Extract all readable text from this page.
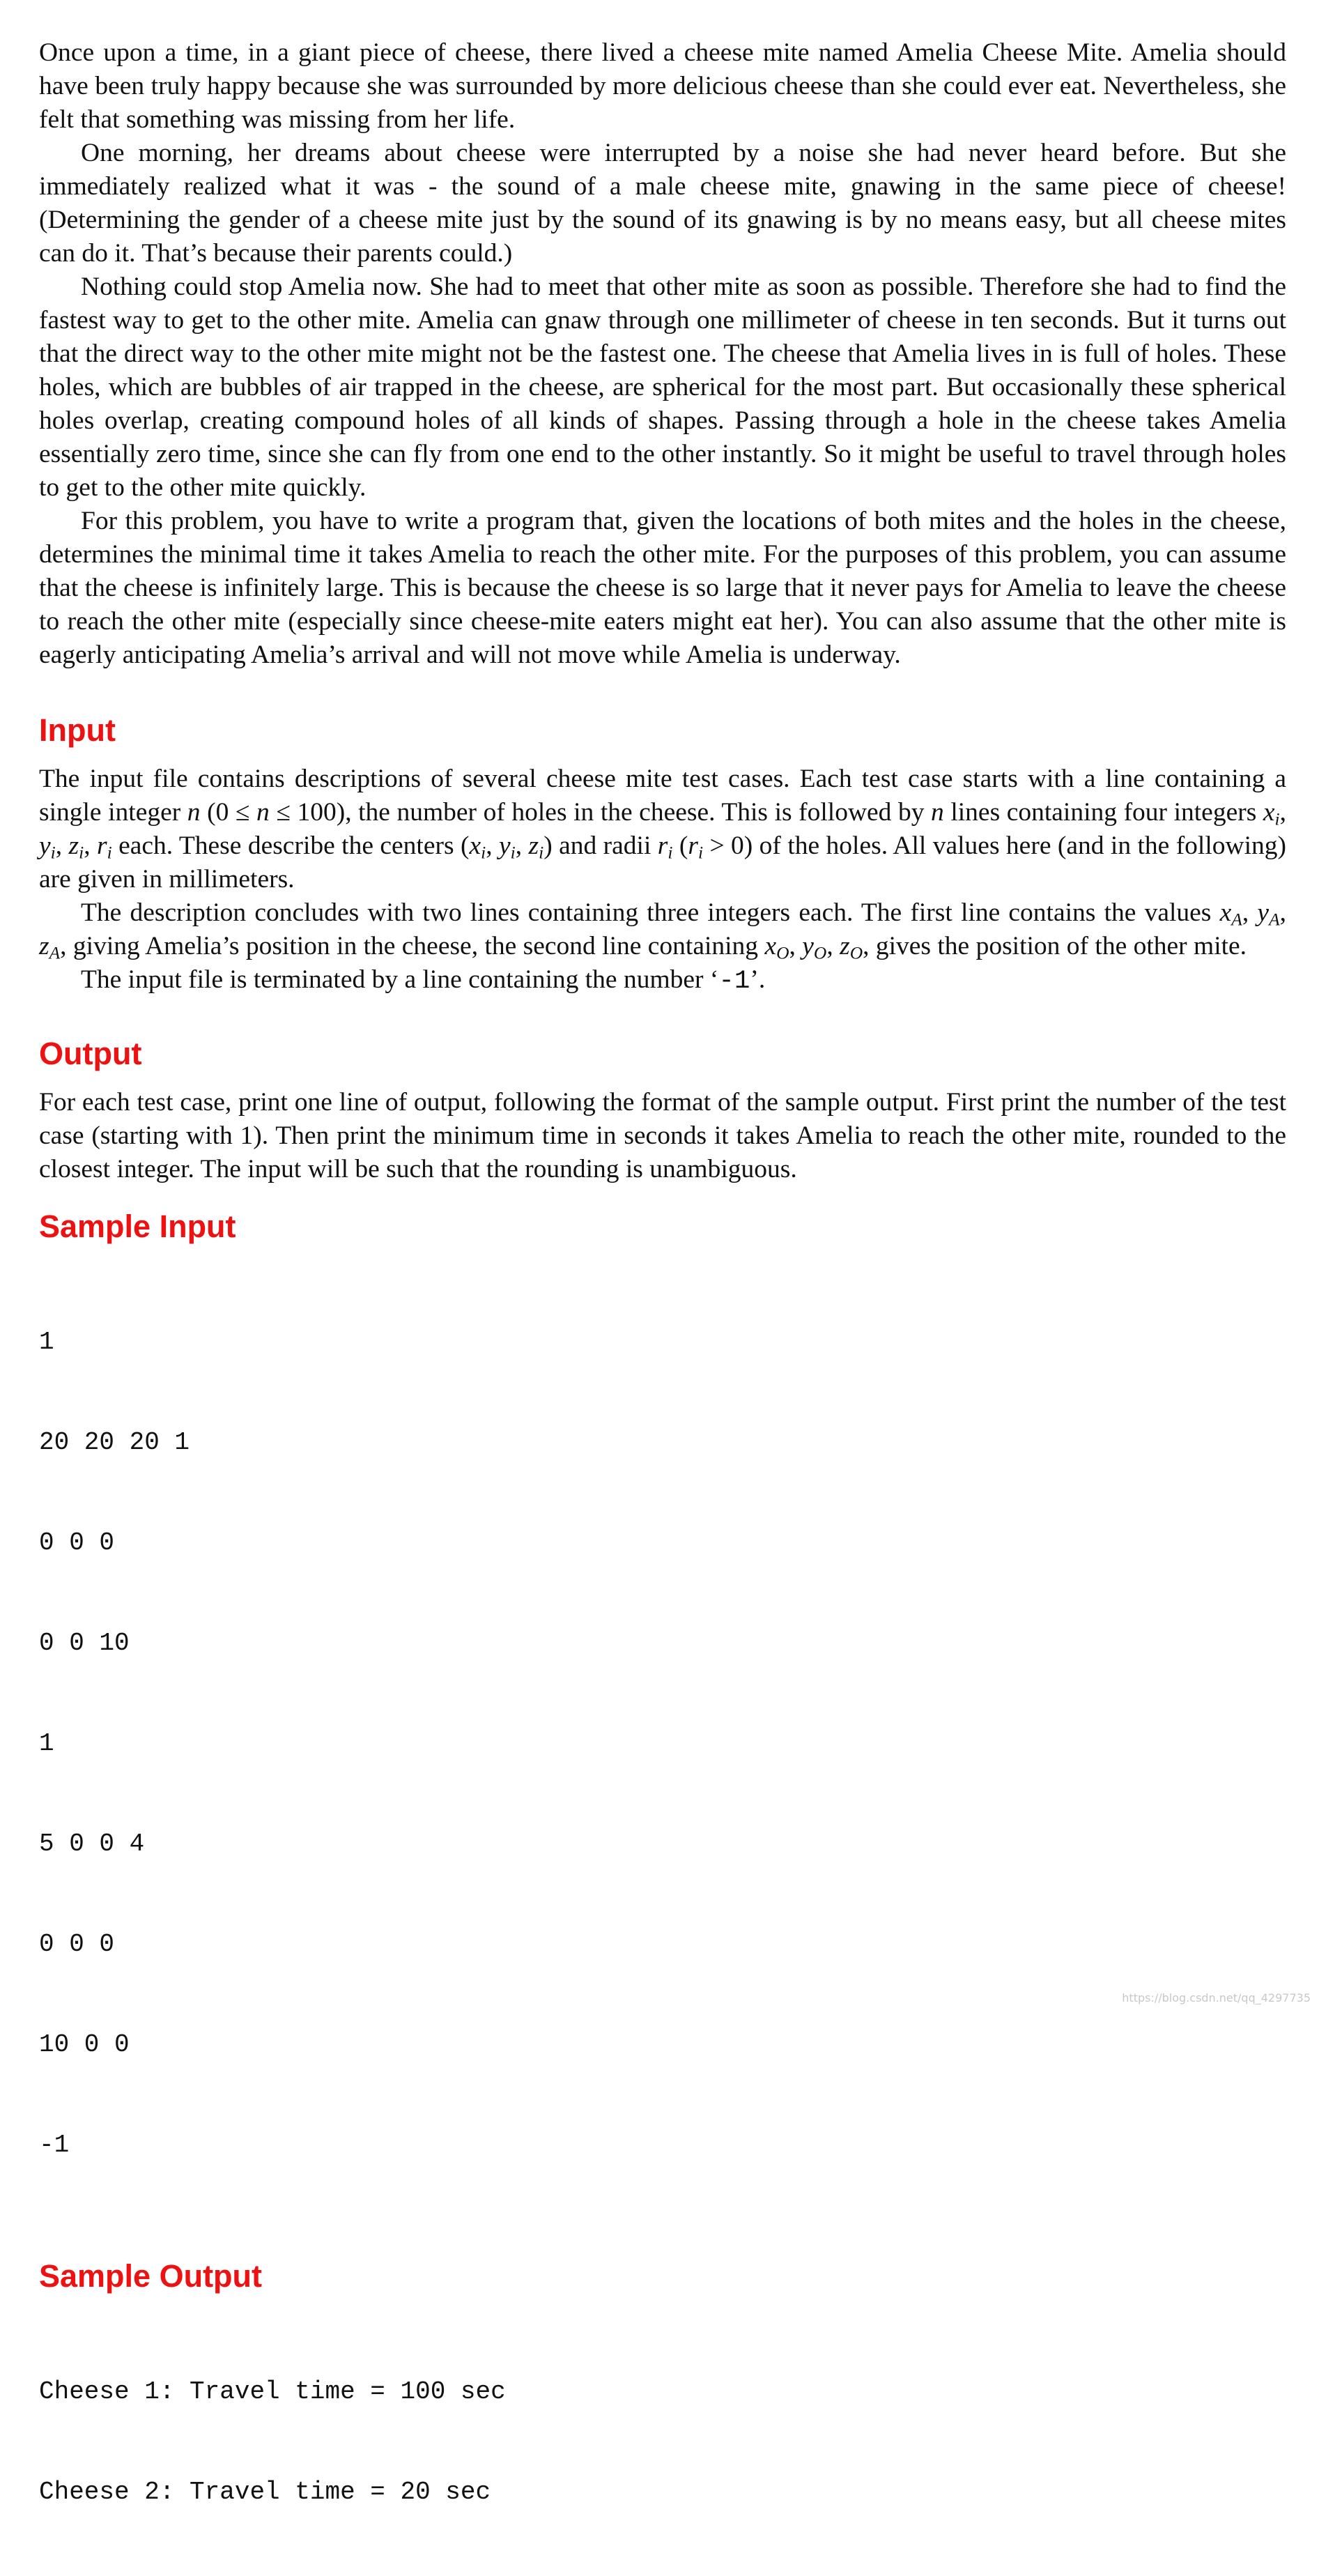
Once upon a time, in a giant piece of cheese, there lived a cheese mite named Amelia Cheese Mite. Amelia should have been truly happy because she was surrounded by more delicious cheese than she could ever eat. Nevertheless, she felt that something was missing from her life.

One morning, her dreams about cheese were interrupted by a noise she had never heard before. But she immediately realized what it was - the sound of a male cheese mite, gnawing in the same piece of cheese! (Determining the gender of a cheese mite just by the sound of its gnawing is by no means easy, but all cheese mites can do it. That’s because their parents could.)

Nothing could stop Amelia now. She had to meet that other mite as soon as possible. Therefore she had to find the fastest way to get to the other mite. Amelia can gnaw through one millimeter of cheese in ten seconds. But it turns out that the direct way to the other mite might not be the fastest one. The cheese that Amelia lives in is full of holes. These holes, which are bubbles of air trapped in the cheese, are spherical for the most part. But occasionally these spherical holes overlap, creating compound holes of all kinds of shapes. Passing through a hole in the cheese takes Amelia essentially zero time, since she can fly from one end to the other instantly. So it might be useful to travel through holes to get to the other mite quickly.

For this problem, you have to write a program that, given the locations of both mites and the holes in the cheese, determines the minimal time it takes Amelia to reach the other mite. For the purposes of this problem, you can assume that the cheese is infinitely large. This is because the cheese is so large that it never pays for Amelia to leave the cheese to reach the other mite (especially since cheese-mite eaters might eat her). You can also assume that the other mite is eagerly anticipating Amelia’s arrival and will not move while Amelia is underway.

Input

The input file contains descriptions of several cheese mite test cases. Each test case starts with a line containing a single integer n (0 ≤ n ≤ 100), the number of holes in the cheese. This is followed by n lines containing four integers $x_i$, $y_i$, $z_i$, $r_i$ each. These describe the centers ($x_i$, $y_i$, $z_i$) and radii $r_i$ $(r_i > 0)$ of the holes. All values here (and in the following) are given in millimeters.

The description concludes with two lines containing three integers each. The first line contains the values $x_A$, $y_A$, $z_A$, giving Amelia’s position in the cheese, the second line containing $x_O$, $y_O$, $z_O$, gives the position of the other mite.

The input file is terminated by a line containing the number ‘-1’.

Output

For each test case, print one line of output, following the format of the sample output. First print the number of the test case (starting with 1). Then print the minimum time in seconds it takes Amelia to reach the other mite, rounded to the closest integer. The input will be such that the rounding is unambiguous.

Sample Input

1

20 20 20 1

0 0 0

0 0 10

1

5 0 0 4

0 0 0

10 0 0

-1

Sample Output

Cheese 1: Travel time = 100 sec

Cheese 2: Travel time = 20 sec

https://blog.csdn.net/qq_4297735
